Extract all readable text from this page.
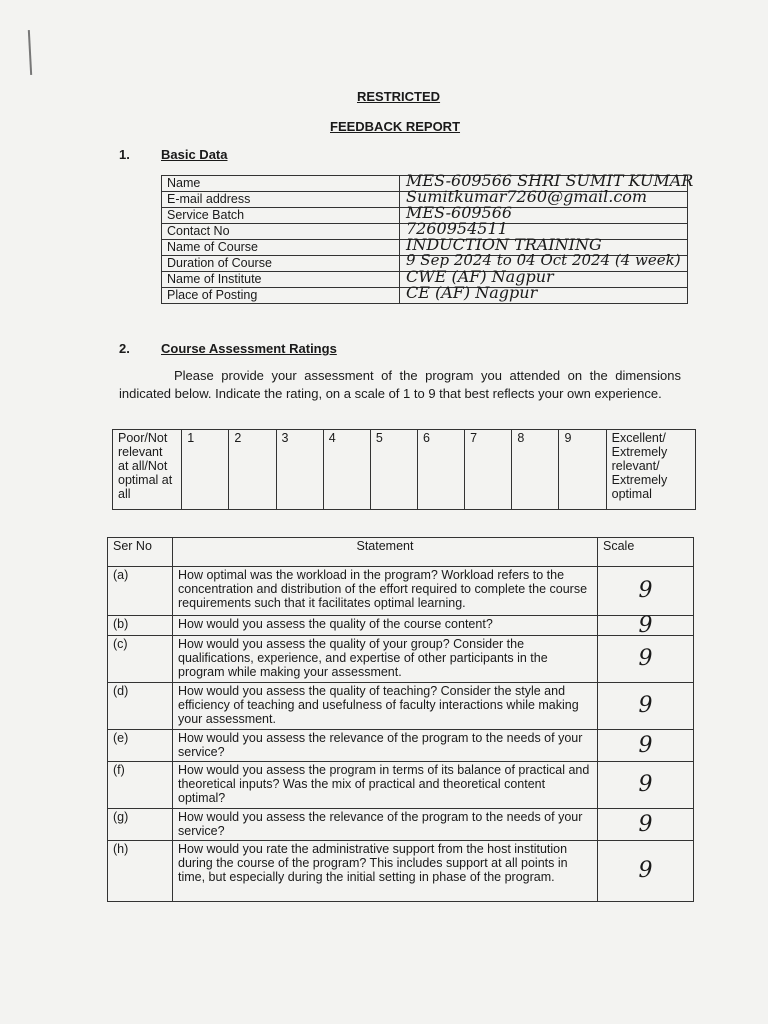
RESTRICTED
FEEDBACK REPORT
1. Basic Data
Name	MES-609566 SHRI SUMIT KUMAR

E-mail address	Sumitkumar7260@gmail.com

Service Batch	MES-609566

Contact No	7260954511

Name of Course	INDUCTION TRAINING

Duration of Course	9 Sep 2024 to 04 Oct 2024 (4 week)

Name of Institute	CWE (AF) Nagpur

Place of Posting	CE (AF) Nagpur
2. Course Assessment Ratings
Please provide your assessment of the program you attended on the dimensions indicated below. Indicate the rating, on a scale of 1 to 9 that best reflects your own experience.
Poor/Not relevant at all/Not optimal at all	1	2	3	4	5	6	7	8	9	Excellent/ Extremely relevant/ Extremely optimal
Ser No	Statement	Scale
(a)	How optimal was the workload in the program? Workload refers to the concentration and distribution of the effort required to complete the course requirements such that it facilitates optimal learning.	9
(b)	How would you assess the quality of the course content?	9
(c)	How would you assess the quality of your group? Consider the qualifications, experience, and expertise of other participants in the program while making your assessment.	9
(d)	How would you assess the quality of teaching? Consider the style and efficiency of teaching and usefulness of faculty interactions while making your assessment.	9
(e)	How would you assess the relevance of the program to the needs of your service?	9
(f)	How would you assess the program in terms of its balance of practical and theoretical inputs? Was the mix of practical and theoretical content optimal?	9
(g)	How would you assess the relevance of the program to the needs of your service?	9
(h)	How would you rate the administrative support from the host institution during the course of the program? This includes support at all points in time, but especially during the initial setting in phase of the program.	9
